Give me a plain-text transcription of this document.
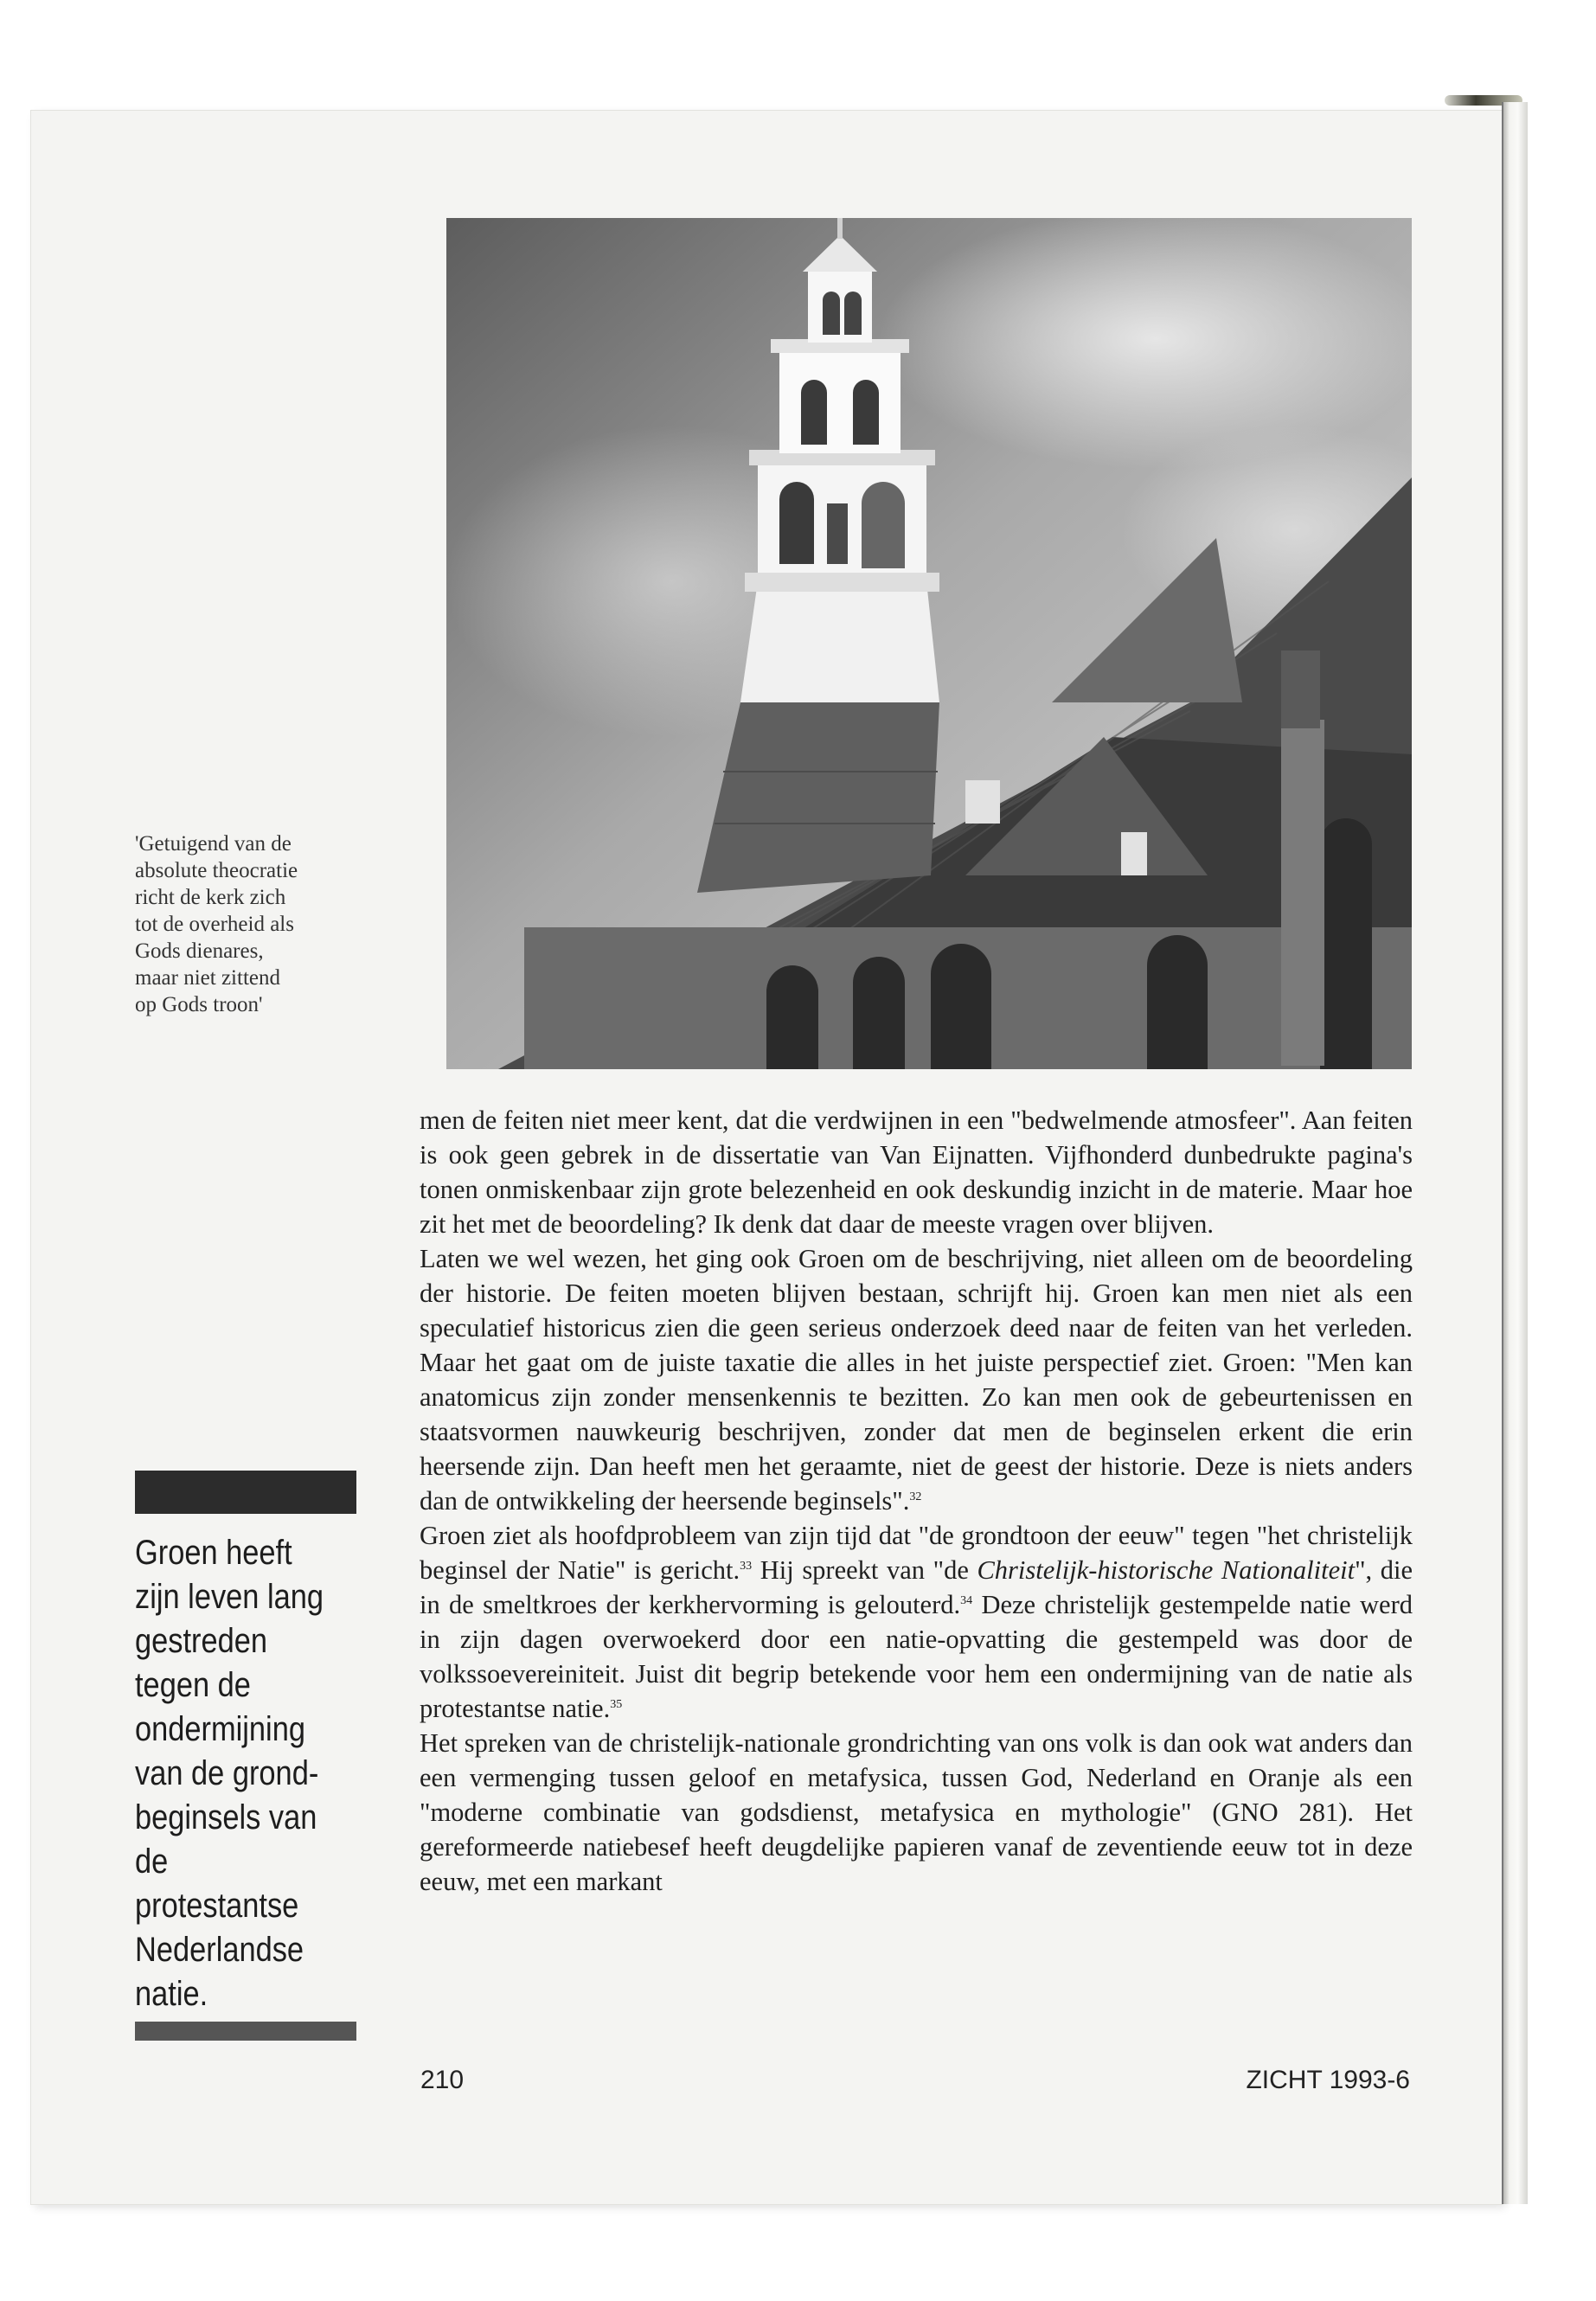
'Getuigend van de
absolute theocratie
richt de kerk zich
tot de overheid als
Gods dienares,
maar niet zittend
op Gods troon'
Groen heeft
zijn leven lang
gestreden
tegen de
ondermijning
van de grond-
beginsels van
de
protestantse
Nederlandse
natie.

men de feiten niet meer kent, dat die verdwijnen in een "bedwelmende atmosfeer". Aan feiten is ook geen gebrek in de dissertatie van Van Eijnatten. Vijfhonderd dunbedrukte pagina's tonen onmiskenbaar zijn grote belezenheid en ook deskundig inzicht in de materie. Maar hoe zit het met de beoordeling? Ik denk dat daar de meeste vragen over blijven.

Laten we wel wezen, het ging ook Groen om de beschrijving, niet alleen om de beoordeling der historie. De feiten moeten blijven bestaan, schrijft hij. Groen kan men niet als een speculatief historicus zien die geen serieus onderzoek deed naar de feiten van het verleden. Maar het gaat om de juiste taxatie die alles in het juiste perspectief ziet. Groen: "Men kan anatomicus zijn zonder mensenkennis te bezitten. Zo kan men ook de gebeurtenissen en staatsvormen nauwkeurig beschrijven, zonder dat men de beginselen erkent die erin heersende zijn. Dan heeft men het geraamte, niet de geest der historie. Deze is niets anders dan de ontwikkeling der heersende beginsels".$^{32}$

Groen ziet als hoofdprobleem van zijn tijd dat "de grondtoon der eeuw" tegen "het christelijk beginsel der Natie" is gericht.$^{33}$ Hij spreekt van "de Christelijk-historische Nationaliteit", die in de smeltkroes der kerkhervorming is gelouterd.$^{34}$ Deze christelijk gestempelde natie werd in zijn dagen overwoekerd door een natie-opvatting die gestempeld was door de volkssoevereiniteit. Juist dit begrip betekende voor hem een ondermijning van de natie als protestantse natie.$^{35}$

Het spreken van de christelijk-nationale grondrichting van ons volk is dan ook wat anders dan een vermenging tussen geloof en metafysica, tussen God, Nederland en Oranje als een "moderne combinatie van godsdienst, metafysica en mythologie" (GNO 281). Het gereformeerde natiebesef heeft deugdelijke papieren vanaf de zeventiende eeuw tot in deze eeuw, met een markant

210	ZICHT 1993-6
